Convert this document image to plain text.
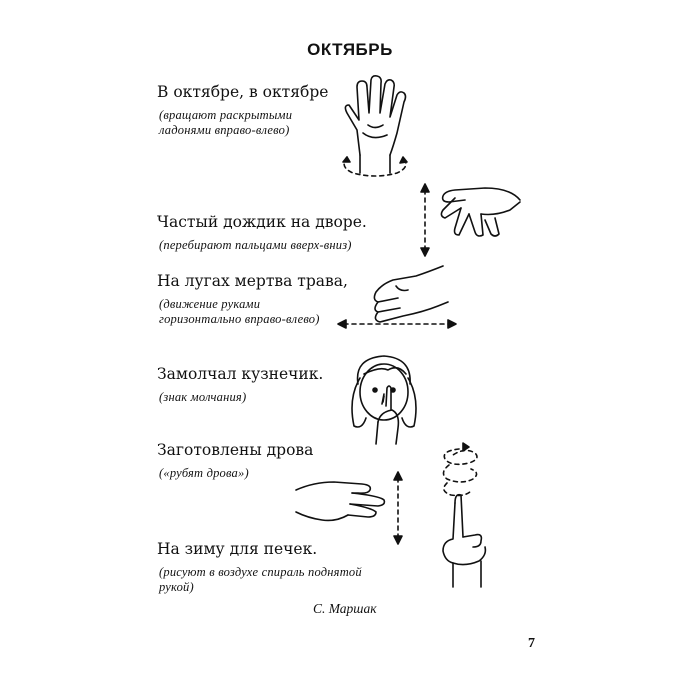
ОКТЯБРЬ
В октябре, в октябре
(вращают раскрытыми
ладонями вправо-влево)
Частый дождик на дворе.
(перебирают пальцами вверх-вниз)
На лугах мертва трава,
(движение руками
горизонтально вправо-влево)
Замолчал кузнечик.
(знак молчания)
Заготовлены дрова
(«рубят дрова»)
На зиму для печек.
(рисуют в воздухе спираль поднятой
рукой)
С. Маршак
7
